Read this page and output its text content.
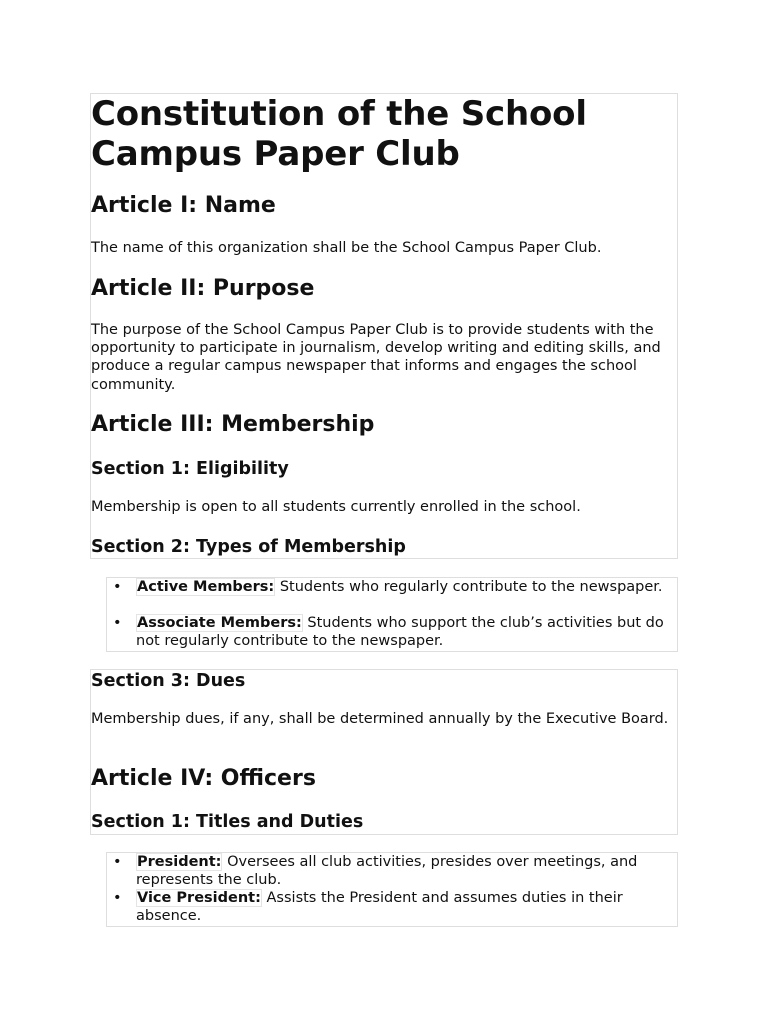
Constitution of the School
Campus Paper Club
Article I: Name

The name of this organization shall be the School Campus Paper Club.

Article II: Purpose

The purpose of the School Campus Paper Club is to provide students with the opportunity to participate in journalism, develop writing and editing skills, and produce a regular campus newspaper that informs and engages the school community.

Article III: Membership
Section 1: Eligibility

Membership is open to all students currently enrolled in the school.

Section 2: Types of Membership
• Active Members: Students who regularly contribute to the newspaper.
• Associate Members: Students who support the club’s activities but do not regularly contribute to the newspaper.
Section 3: Dues

Membership dues, if any, shall be determined annually by the Executive Board.

Article IV: Officers
Section 1: Titles and Duties
• President: Oversees all club activities, presides over meetings, and represents the club.
• Vice President: Assists the President and assumes duties in their absence.
